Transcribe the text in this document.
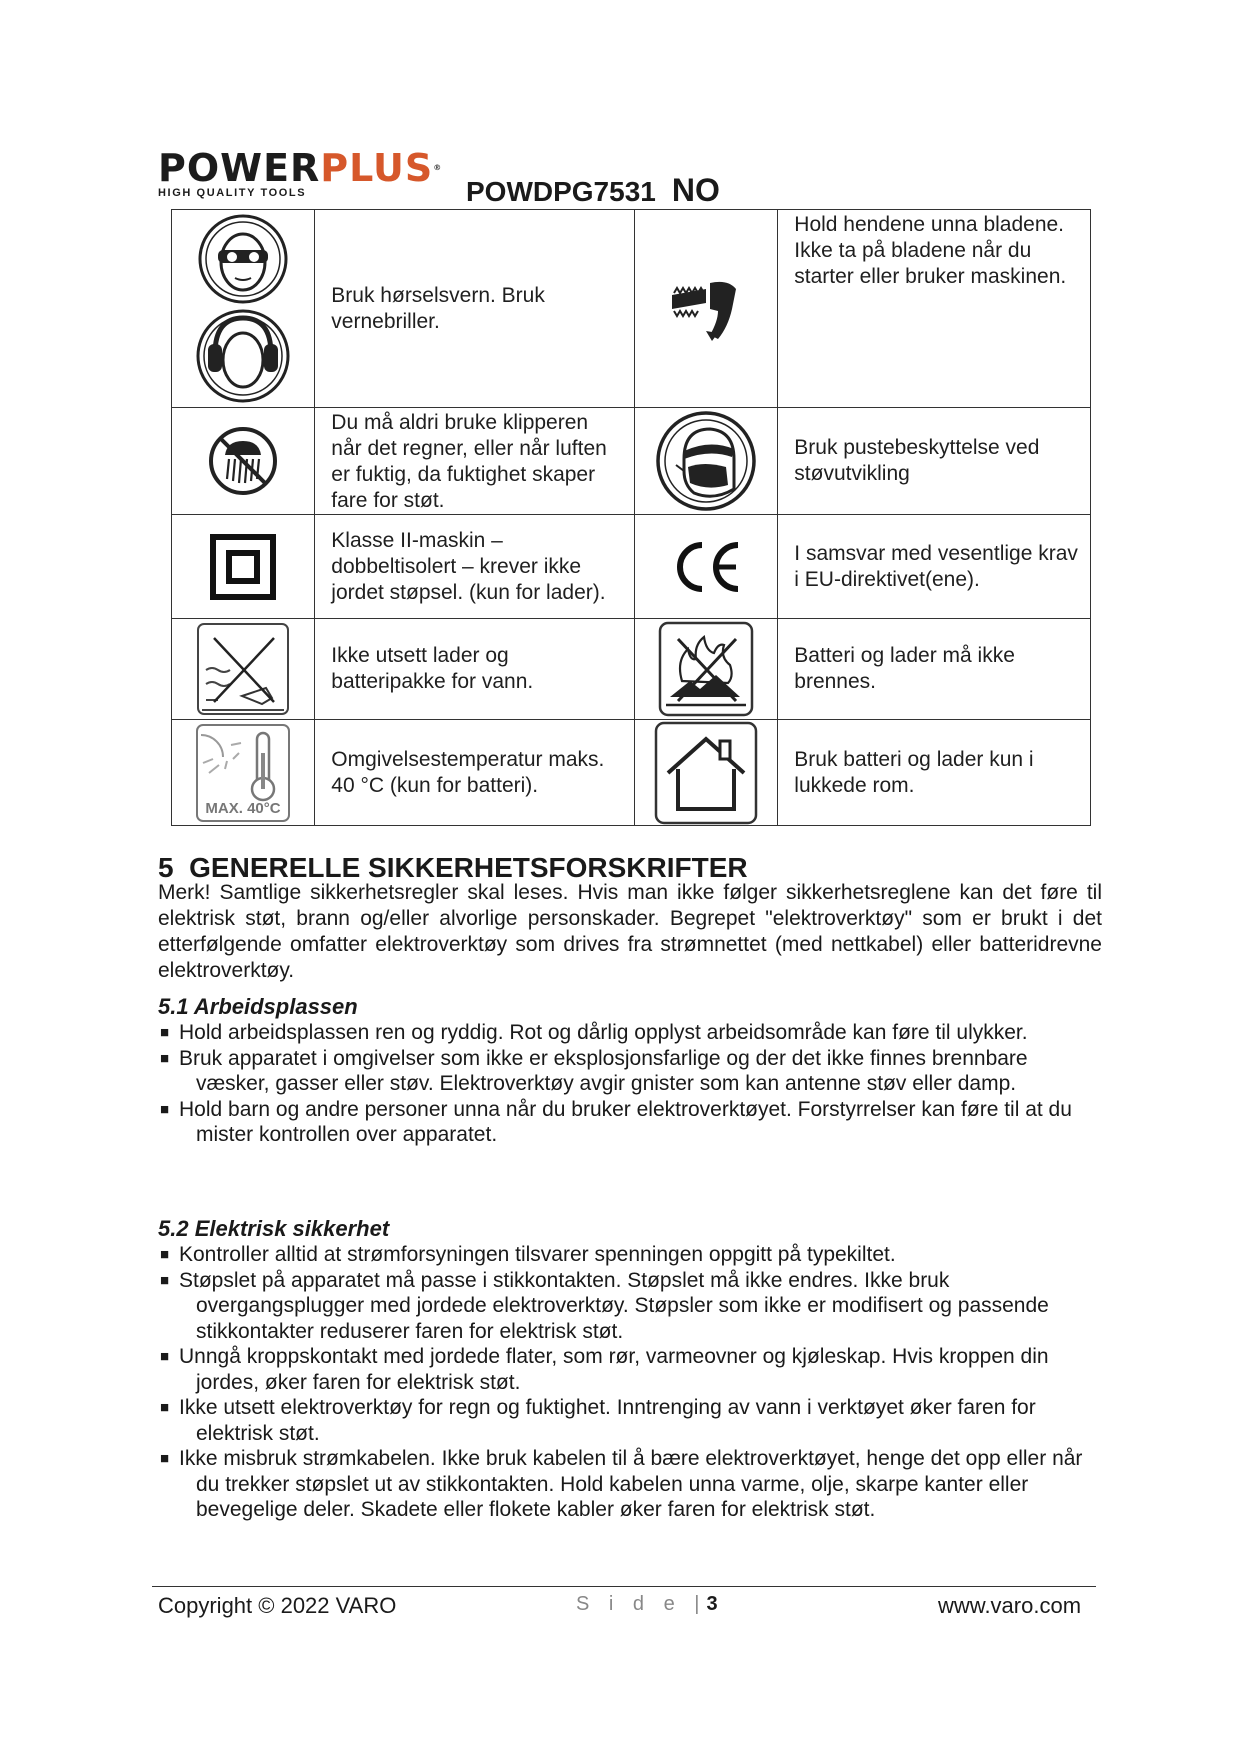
POWERPLUS®
HIGH QUALITY TOOLS	POWDPG7531 NO

Bruk hørselsvern. Bruk vernebriller.		Hold hendene unna bladene. Ikke ta på bladene når du starter eller bruker maskinen.

Du må aldri bruke klipperen når det regner, eller når luften er fuktig, da fuktighet skaper fare for støt.		Bruk pustebeskyttelse ved støvutvikling

Klasse II-maskin – dobbeltisolert – krever ikke jordet støpsel. (kun for lader).		I samsvar med vesentlige krav i EU-direktivet(ene).

Ikke utsett lader og batteripakke for vann.		Batteri og lader må ikke brennes.

MAX. 40°C	Omgivelsestemperatur maks. 40 °C (kun for batteri).		Bruk batteri og lader kun i lukkede rom.
5 GENERELLE SIKKERHETSFORSKRIFTER
Merk! Samtlige sikkerhetsregler skal leses. Hvis man ikke følger sikkerhetsreglene kan det føre til elektrisk støt, brann og/eller alvorlige personskader. Begrepet "elektroverktøy" som er brukt i det etterfølgende omfatter elektroverktøy som drives fra strømnettet (med nettkabel) eller batteridrevne elektroverktøy.
5.1 Arbeidsplassen
■ Hold arbeidsplassen ren og ryddig. Rot og dårlig opplyst arbeidsområde kan føre til ulykker.
■ Bruk apparatet i omgivelser som ikke er eksplosjonsfarlige og der det ikke finnes brennbare væsker, gasser eller støv. Elektroverktøy avgir gnister som kan antenne støv eller damp.
■ Hold barn og andre personer unna når du bruker elektroverktøyet. Forstyrrelser kan føre til at du mister kontrollen over apparatet.
5.2 Elektrisk sikkerhet
■ Kontroller alltid at strømforsyningen tilsvarer spenningen oppgitt på typekiltet.
■ Støpslet på apparatet må passe i stikkontakten. Støpslet må ikke endres. Ikke bruk overgangsplugger med jordede elektroverktøy. Støpsler som ikke er modifisert og passende stikkontakter reduserer faren for elektrisk støt.
■ Unngå kroppskontakt med jordede flater, som rør, varmeovner og kjøleskap. Hvis kroppen din jordes, øker faren for elektrisk støt.
■ Ikke utsett elektroverktøy for regn og fuktighet. Inntrenging av vann i verktøyet øker faren for elektrisk støt.
■ Ikke misbruk strømkabelen. Ikke bruk kabelen til å bære elektroverktøyet, henge det opp eller når du trekker støpslet ut av stikkontakten. Hold kabelen unna varme, olje, skarpe kanter eller bevegelige deler. Skadete eller flokete kabler øker faren for elektrisk støt.
Copyright © 2022 VARO	S i d e |3	www.varo.com
